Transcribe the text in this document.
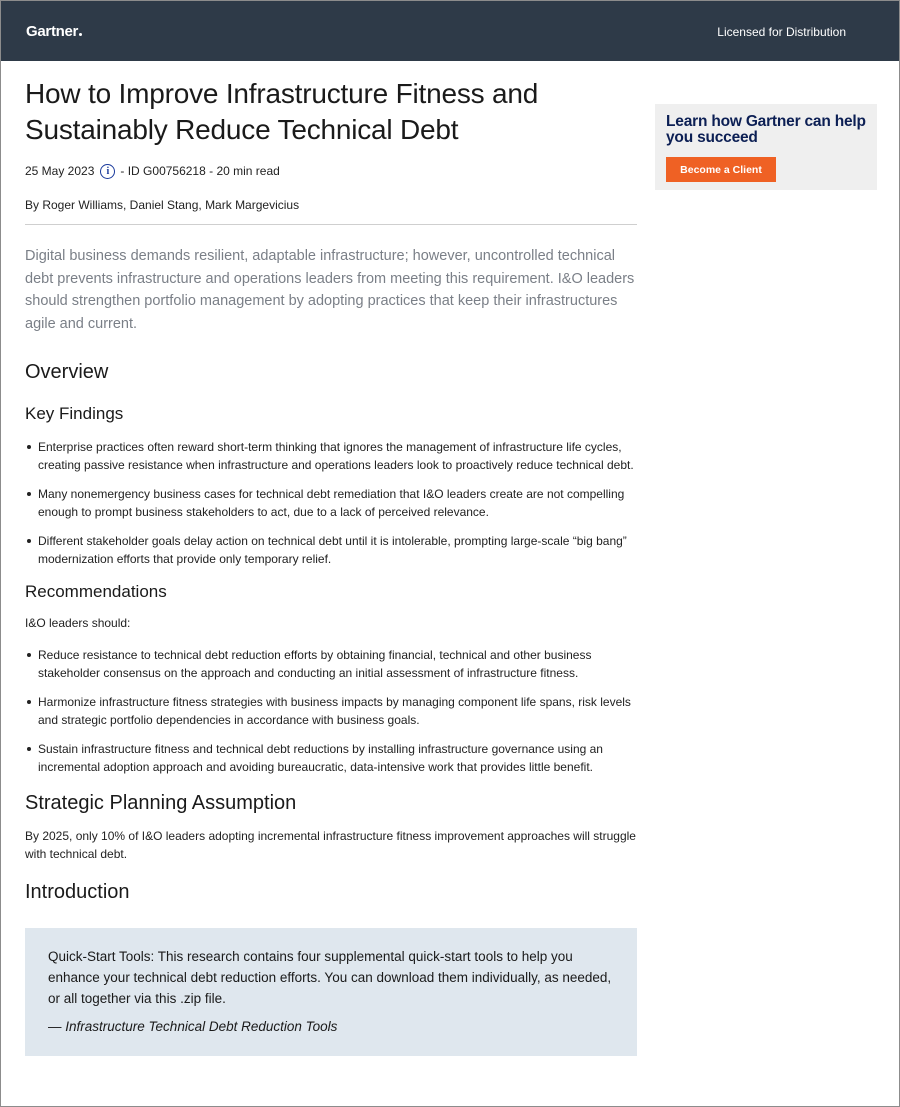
Gartner	Licensed for Distribution
How to Improve Infrastructure Fitness and Sustainably Reduce Technical Debt
25 May 2023	i - ID G00756218 - 20 min read
By Roger Williams, Daniel Stang, Mark Margevicius

Digital business demands resilient, adaptable infrastructure; however, uncontrolled technical debt prevents infrastructure and operations leaders from meeting this requirement. I&O leaders should strengthen portfolio management by adopting practices that keep their infrastructures agile and current.

Overview
Key Findings
Enterprise practices often reward short-term thinking that ignores the management of infrastructure life cycles, creating passive resistance when infrastructure and operations leaders look to proactively reduce technical debt.
Many nonemergency business cases for technical debt remediation that I&O leaders create are not compelling enough to prompt business stakeholders to act, due to a lack of perceived relevance.
Different stakeholder goals delay action on technical debt until it is intolerable, prompting large-scale “big bang” modernization efforts that provide only temporary relief.
Recommendations

I&O leaders should:

Reduce resistance to technical debt reduction efforts by obtaining financial, technical and other business stakeholder consensus on the approach and conducting an initial assessment of infrastructure fitness.
Harmonize infrastructure fitness strategies with business impacts by managing component life spans, risk levels and strategic portfolio dependencies in accordance with business goals.
Sustain infrastructure fitness and technical debt reductions by installing infrastructure governance using an incremental adoption approach and avoiding bureaucratic, data-intensive work that provides little benefit.
Strategic Planning Assumption

By 2025, only 10% of I&O leaders adopting incremental infrastructure fitness improvement approaches will struggle with technical debt.

Introduction

Quick-Start Tools: This research contains four supplemental quick-start tools to help you enhance your technical debt reduction efforts. You can download them individually, as needed, or all together via this .zip file.

— Infrastructure Technical Debt Reduction Tools

Learn how Gartner can help you succeed
Become a Client
